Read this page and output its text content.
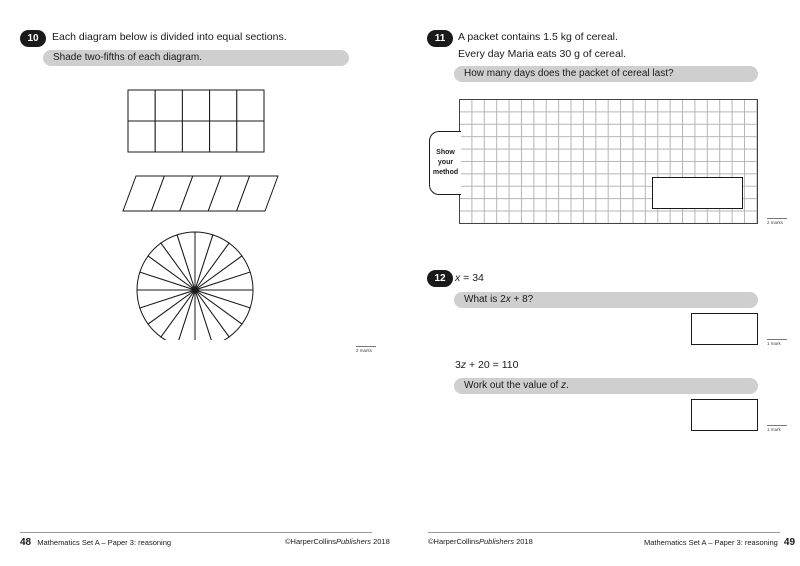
10	Each diagram below is divided into equal sections.
Shade two-fifths of each diagram.
2 marks
48 Mathematics Set A – Paper 3: reasoning	©HarperCollinsPublishers 2018
11	A packet contains 1.5 kg of cereal.
Every day Maria eats 30 g of cereal.
How many days does the packet of cereal last?
Show
your
method
2 marks
12 x = 34
What is 2x + 8?
1 mark
3z + 20 = 110
Work out the value of z.
1 mark
©HarperCollinsPublishers 2018	Mathematics Set A – Paper 3: reasoning 49
